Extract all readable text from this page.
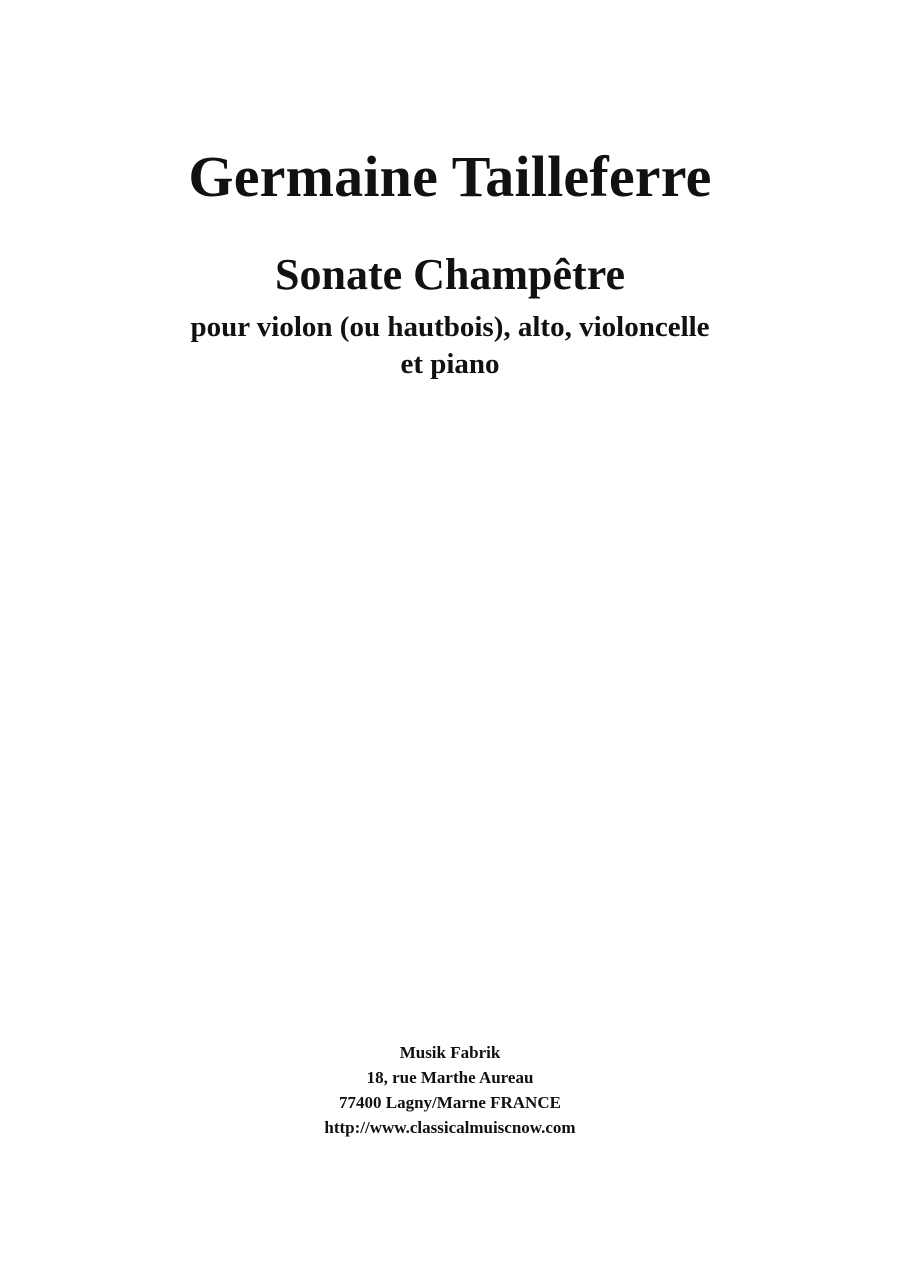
Germaine Tailleferre
Sonate Champêtre
pour violon (ou hautbois), alto, violoncelle
et piano
Musik Fabrik
18, rue Marthe Aureau
77400 Lagny/Marne FRANCE
http://www.classicalmuiscnow.com
